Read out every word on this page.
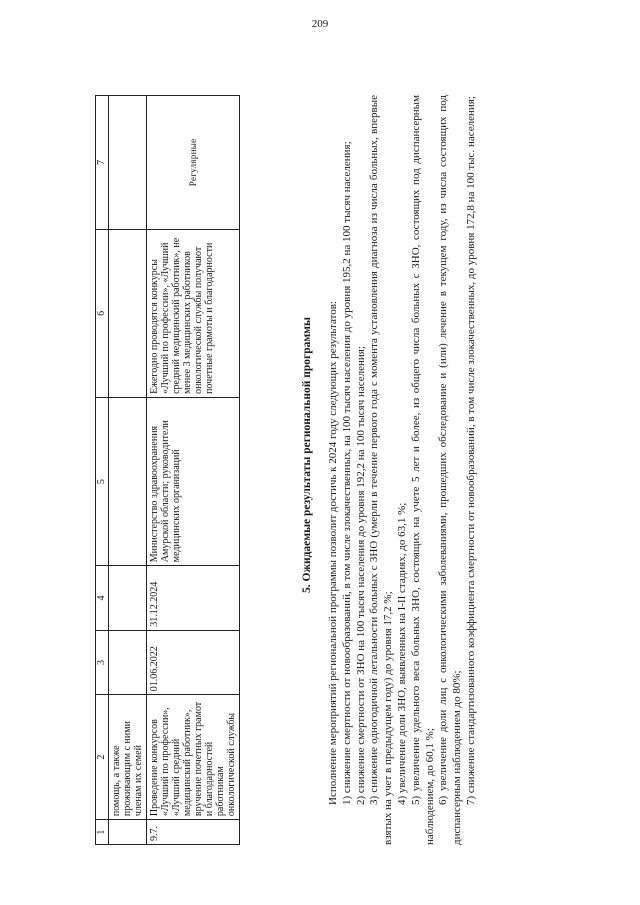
209
1	2	3	4	5	6	7
	помощь, а также проживающим с ними членам их семей					
9.7.	Проведение конкурсов «Лучший по профессии», «Лучший средний медицинский работник», вручение почетных грамот и благодарностей работникам онкологической службы	01.06.2022	31.12.2024	Министерство здравоохранения Амурской области; руководители медицинских организаций	Ежегодно проводятся конкурсы «Лучший по профессии», «Лучший средний медицинский работник», не менее 3 медицинских работников онкологической службы получают почетные грамоты и благодарности	Регулярные
5. Ожидаемые результаты региональной программы Исполнение мероприятий региональной программы позволит достичь к 2024 году следующих результатов: 1) снижение смертности от новообразований, в том числе злокачественных, на 100 тысяч населения до уровня 195,2 на 100 тысяч населения; 2) снижение смертности от ЗНО на 100 тысяч населения до уровня 192,2 на 100 тысяч населения; 3) снижение одногодичной летальности больных с ЗНО (умерли в течение первого года с момента установления диагноза из числа больных, впервые взятых на учет в предыдущем году) до уровня 17,2 %; 4) увеличение доли ЗНО, выявленных на I-II стадиях, до 63,1 %; 5) увеличение удельного веса больных ЗНО, состоящих на учете 5 лет и более, из общего числа больных с ЗНО, состоящих под диспансерным наблюдением, до 60,1 %; 6) увеличение доли лиц с онкологическими заболеваниями, прошедших обследование и (или) лечение в текущем году, из числа состоящих под диспансерным наблюдением до 80%; 7) снижение стандартизованного коэффициента смертности от новообразований, в том числе злокачественных, до уровня 172,8 на 100 тыс. населения;
